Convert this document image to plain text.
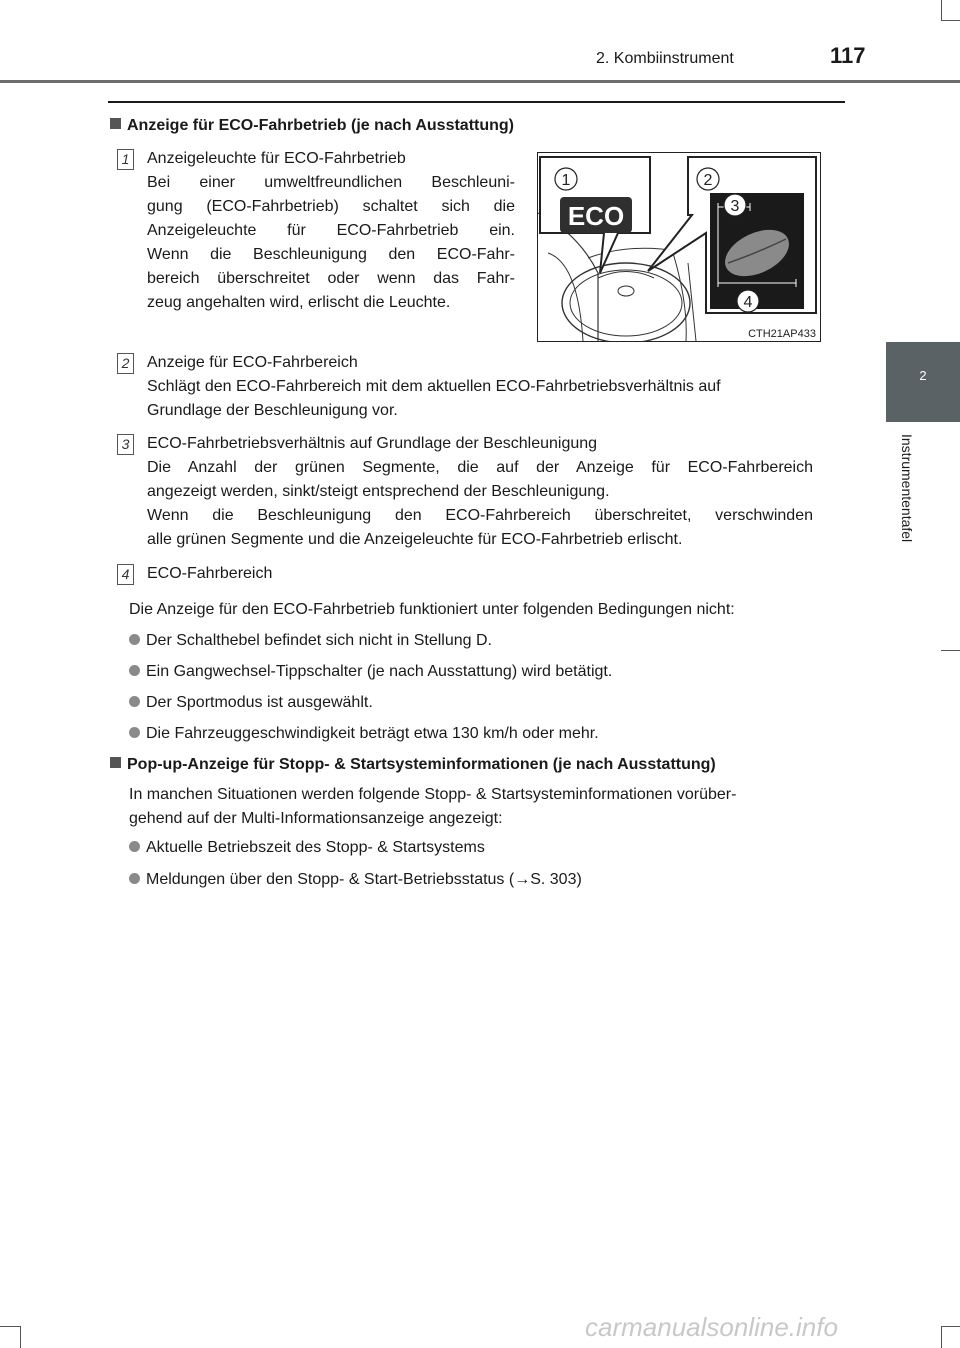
2. Kombiinstrument	117
2
Instrumententafel
Anzeige für ECO-Fahrbetrieb (je nach Ausstattung)
1 Anzeigeleuchte für ECO-Fahrbetrieb
Bei einer umweltfreundlichen Beschleuni-
gung (ECO-Fahrbetrieb) schaltet sich die
Anzeigeleuchte für ECO-Fahrbetrieb ein.
Wenn die Beschleunigung den ECO-Fahr-
bereich überschreitet oder wenn das Fahr-
zeug angehalten wird, erlischt die Leuchte.
ECO
1	2
3
4
CTH21AP433
2 Anzeige für ECO-Fahrbereich
Schlägt den ECO-Fahrbereich mit dem aktuellen ECO-Fahrbetriebsverhältnis auf
Grundlage der Beschleunigung vor.
3 ECO-Fahrbetriebsverhältnis auf Grundlage der Beschleunigung
Die Anzahl der grünen Segmente, die auf der Anzeige für ECO-Fahrbereich
angezeigt werden, sinkt/steigt entsprechend der Beschleunigung.
Wenn die Beschleunigung den ECO-Fahrbereich überschreitet, verschwinden
alle grünen Segmente und die Anzeigeleuchte für ECO-Fahrbetrieb erlischt.
4 ECO-Fahrbereich
Die Anzeige für den ECO-Fahrbetrieb funktioniert unter folgenden Bedingungen nicht:
Der Schalthebel befindet sich nicht in Stellung D.
Ein Gangwechsel-Tippschalter (je nach Ausstattung) wird betätigt.
Der Sportmodus ist ausgewählt.
Die Fahrzeuggeschwindigkeit beträgt etwa 130 km/h oder mehr.
Pop-up-Anzeige für Stopp- & Startsysteminformationen (je nach Ausstattung)
In manchen Situationen werden folgende Stopp- & Startsysteminformationen vorüber-
gehend auf der Multi-Informationsanzeige angezeigt:
Aktuelle Betriebszeit des Stopp- & Startsystems
Meldungen über den Stopp- & Start-Betriebsstatus (→S. 303)
carmanualsonline.info
